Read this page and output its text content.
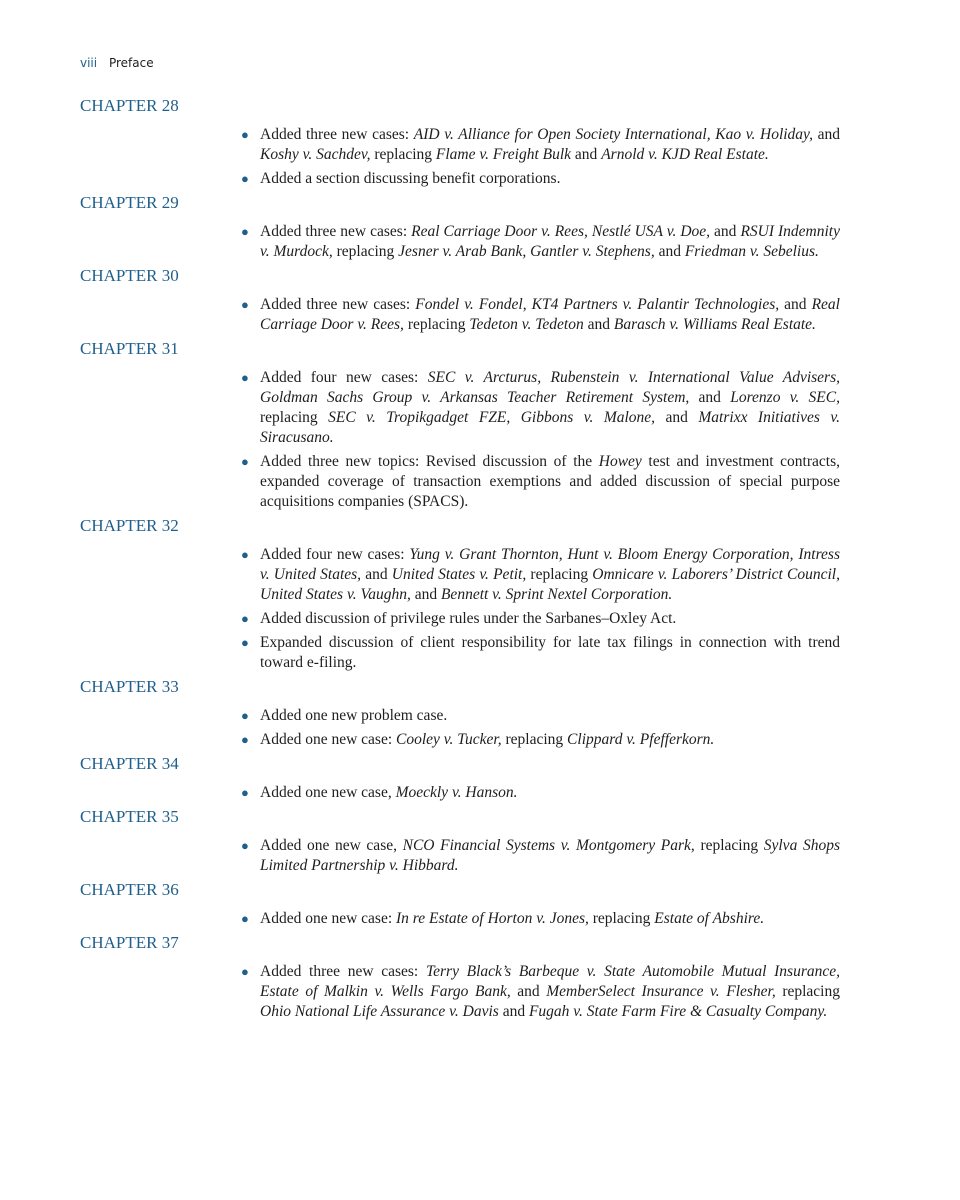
viii Preface
CHAPTER 28
● Added three new cases: AID v. Alliance for Open Society International, Kao v. Holiday, and Koshy v. Sachdev, replacing Flame v. Freight Bulk and Arnold v. KJD Real Estate.
● Added a section discussing benefit corporations.
CHAPTER 29
● Added three new cases: Real Carriage Door v. Rees, Nestlé USA v. Doe, and RSUI Indemnity v. Murdock, replacing Jesner v. Arab Bank, Gantler v. Stephens, and Friedman v. Sebelius.
CHAPTER 30
● Added three new cases: Fondel v. Fondel, KT4 Partners v. Palantir Technologies, and Real Carriage Door v. Rees, replacing Tedeton v. Tedeton and Barasch v. Williams Real Estate.
CHAPTER 31
● Added four new cases: SEC v. Arcturus, Rubenstein v. International Value Advisers, Goldman Sachs Group v. Arkansas Teacher Retirement System, and Lorenzo v. SEC, replacing SEC v. Tropikgadget FZE, Gibbons v. Malone, and Matrixx Initiatives v. Siracusano.
● Added three new topics: Revised discussion of the Howey test and investment contracts, expanded coverage of transaction exemptions and added discussion of special purpose acquisitions companies (SPACS).
CHAPTER 32
● Added four new cases: Yung v. Grant Thornton, Hunt v. Bloom Energy Corporation, Intress v. United States, and United States v. Petit, replacing Omnicare v. Laborers’ District Council, United States v. Vaughn, and Bennett v. Sprint Nextel Corporation.
● Added discussion of privilege rules under the Sarbanes–Oxley Act.
● Expanded discussion of client responsibility for late tax filings in connection with trend toward e-filing.
CHAPTER 33
● Added one new problem case.
● Added one new case: Cooley v. Tucker, replacing Clippard v. Pfefferkorn.
CHAPTER 34
● Added one new case, Moeckly v. Hanson.
CHAPTER 35
● Added one new case, NCO Financial Systems v. Montgomery Park, replacing Sylva Shops Limited Partnership v. Hibbard.
CHAPTER 36
● Added one new case: In re Estate of Horton v. Jones, replacing Estate of Abshire.
CHAPTER 37
● Added three new cases: Terry Black’s Barbeque v. State Automobile Mutual Insurance, Estate of Malkin v. Wells Fargo Bank, and MemberSelect Insurance v. Flesher, replacing Ohio National Life Assurance v. Davis and Fugah v. State Farm Fire & Casualty Company.
